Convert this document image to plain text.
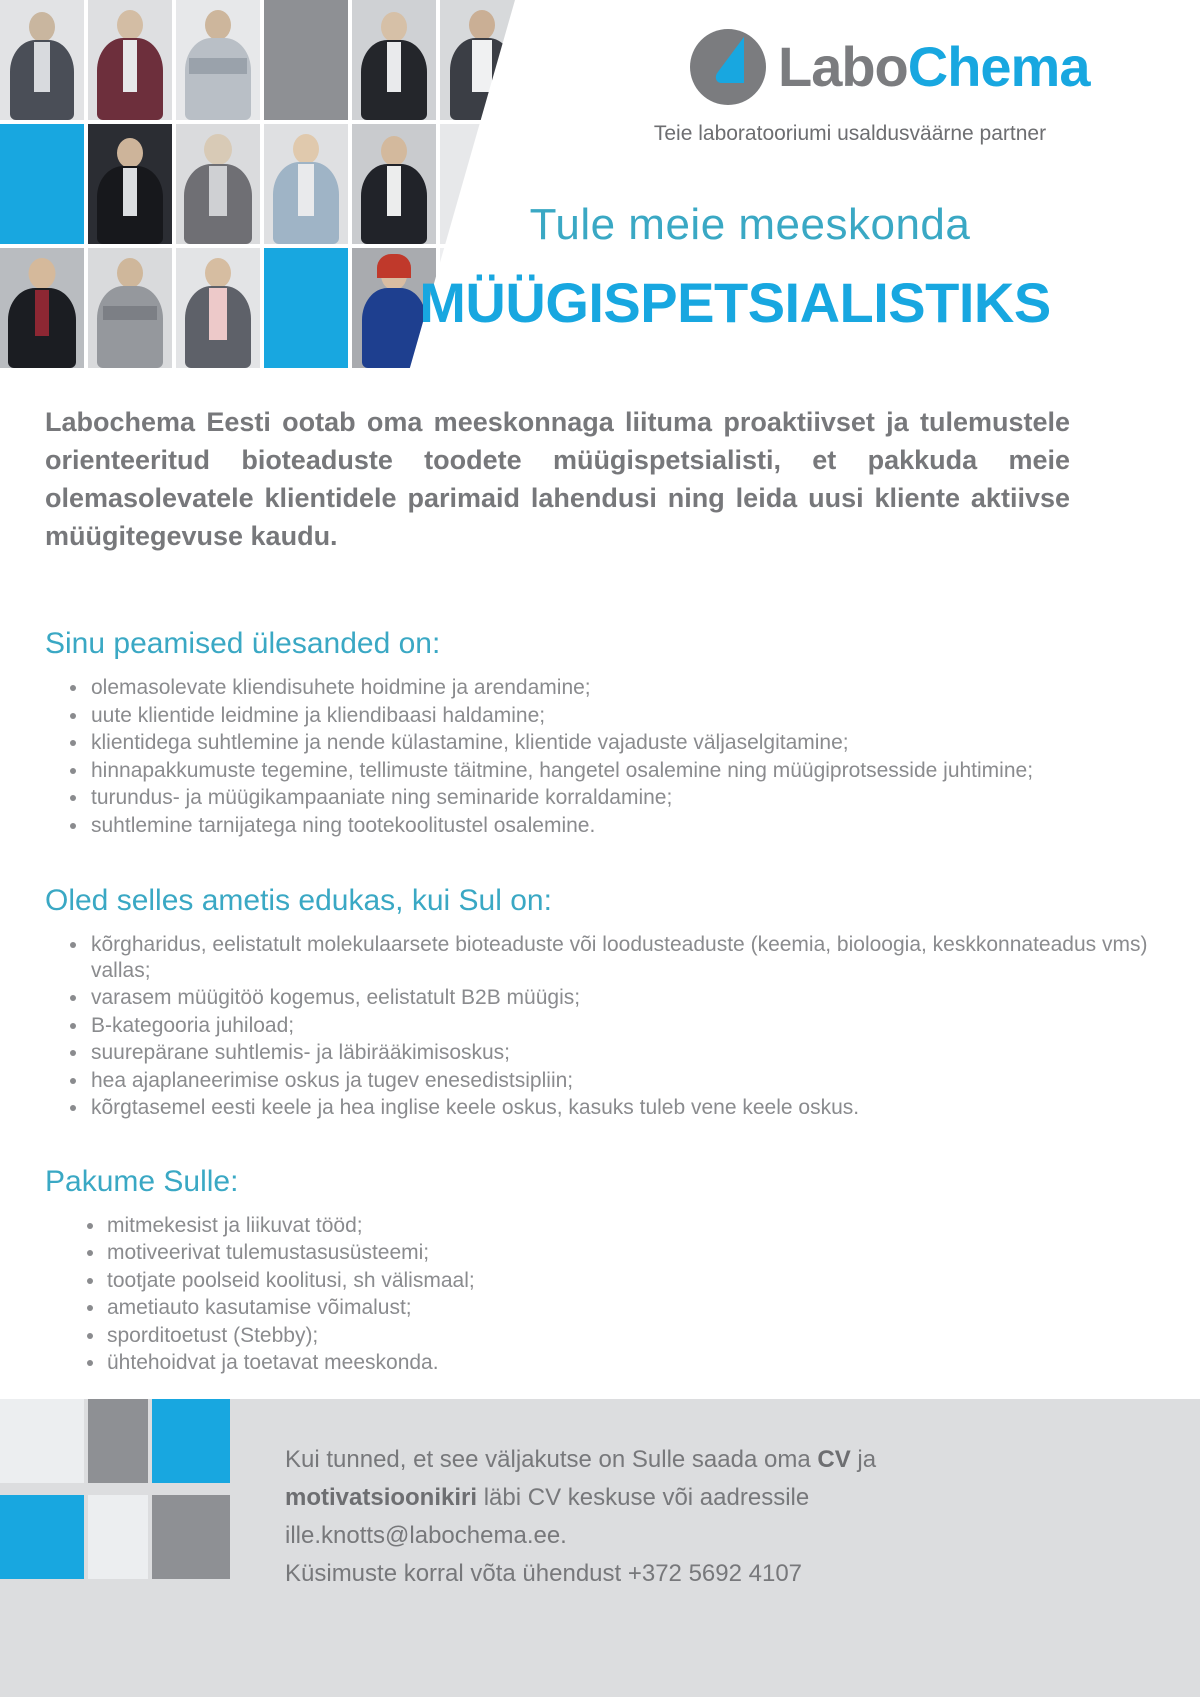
LaboChema
Teie laboratooriumi usaldusväärne partner
Tule meie meeskonda
MÜÜGISPETSIALISTIKS

Labochema Eesti ootab oma meeskonnaga liituma proaktiivset ja tulemustele orienteeritud bioteaduste toodete müügispetsialisti, et pakkuda meie olemasolevatele klientidele parimaid lahendusi ning leida uusi kliente aktiivse müügitegevuse kaudu.

Sinu peamised ülesanded on:
olemasolevate kliendisuhete hoidmine ja arendamine;
uute klientide leidmine ja kliendibaasi haldamine;
klientidega suhtlemine ja nende külastamine, klientide vajaduste väljaselgitamine;
hinnapakkumuste tegemine, tellimuste täitmine, hangetel osalemine ning müügiprotsesside juhtimine;
turundus- ja müügikampaaniate ning seminaride korraldamine;
suhtlemine tarnijatega ning tootekoolitustel osalemine.
Oled selles ametis edukas, kui Sul on:
kõrgharidus, eelistatult molekulaarsete bioteaduste või loodusteaduste (keemia, bioloogia, keskkonnateadus vms) vallas;
varasem müügitöö kogemus, eelistatult B2B müügis;
B-kategooria juhiload;
suurepärane suhtlemis- ja läbirääkimisoskus;
hea ajaplaneerimise oskus ja tugev enesedistsipliin;
kõrgtasemel eesti keele ja hea inglise keele oskus, kasuks tuleb vene keele oskus.
Pakume Sulle:
mitmekesist ja liikuvat tööd;
motiveerivat tulemustasusüsteemi;
tootjate poolseid koolitusi, sh välismaal;
ametiauto kasutamise võimalust;
sporditoetust (Stebby);
ühtehoidvat ja toetavat meeskonda.
Kui tunned, et see väljakutse on Sulle saada oma CV ja
motivatsioonikiri läbi CV keskuse või aadressile
ille.knotts@labochema.ee.
Küsimuste korral võta ühendust +372 5692 4107
